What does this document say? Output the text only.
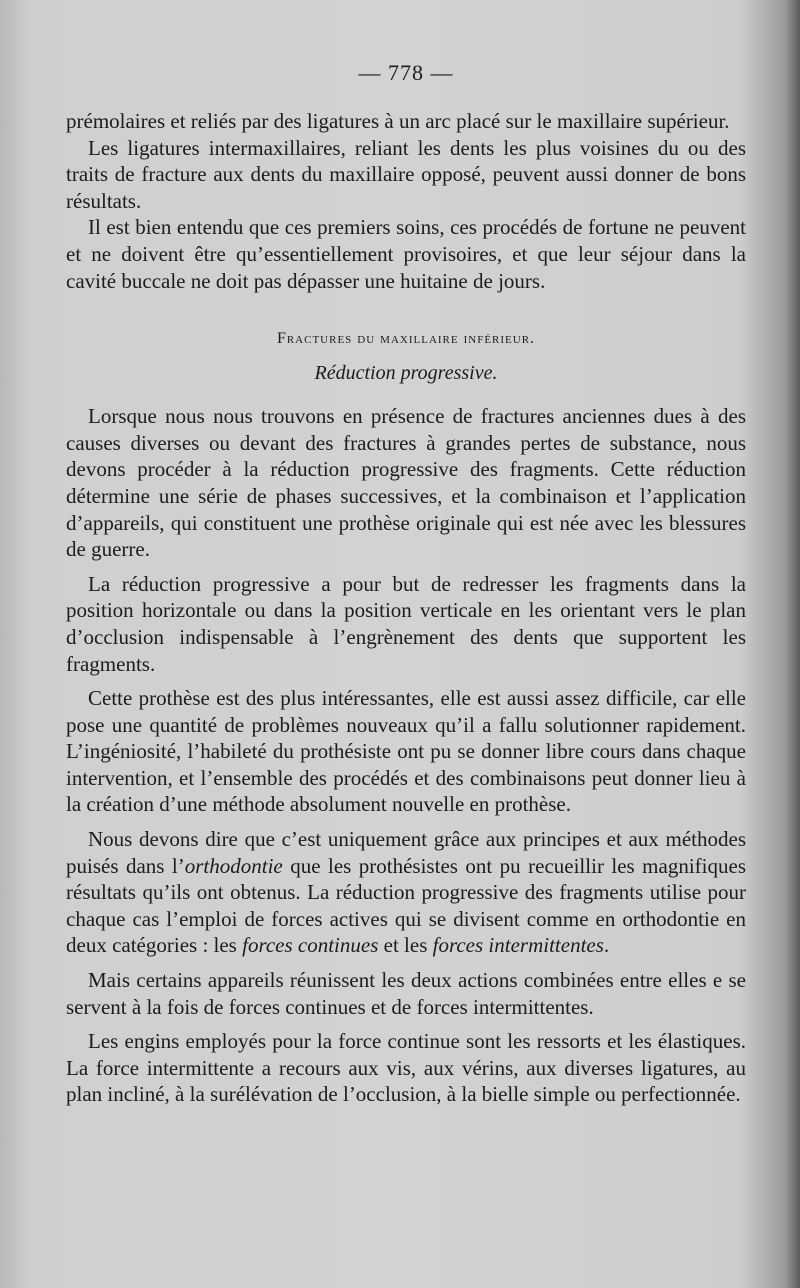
— 778 —

prémolaires et reliés par des ligatures à un arc placé sur le maxillaire supérieur.

Les ligatures intermaxillaires, reliant les dents les plus voisines du ou des traits de fracture aux dents du maxillaire opposé, peuvent aussi donner de bons résultats.

Il est bien entendu que ces premiers soins, ces procédés de fortune ne peuvent et ne doivent être qu’essentiellement provisoires, et que leur séjour dans la cavité buccale ne doit pas dépasser une huitaine de jours.

Fractures du maxillaire inférieur.
Réduction progressive.

Lorsque nous nous trouvons en présence de fractures anciennes dues à des causes diverses ou devant des fractures à grandes pertes de substance, nous devons procéder à la réduction progressive des fragments. Cette réduction détermine une série de phases successives, et la combinaison et l’application d’appareils, qui constituent une prothèse originale qui est née avec les blessures de guerre.

La réduction progressive a pour but de redresser les fragments dans la position horizontale ou dans la position verticale en les orientant vers le plan d’occlusion indispensable à l’engrènement des dents que supportent les fragments.

Cette prothèse est des plus intéressantes, elle est aussi assez difficile, car elle pose une quantité de problèmes nouveaux qu’il a fallu solutionner rapidement. L’ingéniosité, l’habileté du prothésiste ont pu se donner libre cours dans chaque intervention, et l’ensemble des procédés et des combinaisons peut donner lieu à la création d’une méthode absolument nouvelle en prothèse.

Nous devons dire que c’est uniquement grâce aux principes et aux méthodes puisés dans l’orthodontie que les prothésistes ont pu recueillir les magnifiques résultats qu’ils ont obtenus. La réduction progressive des fragments utilise pour chaque cas l’emploi de forces actives qui se divisent comme en orthodontie en deux catégories : les forces continues et les forces intermittentes.

Mais certains appareils réunissent les deux actions combinées entre elles e se servent à la fois de forces continues et de forces intermittentes.

Les engins employés pour la force continue sont les ressorts et les élastiques. La force intermittente a recours aux vis, aux vérins, aux diverses ligatures, au plan incliné, à la surélévation de l’occlusion, à la bielle simple ou perfectionnée.
